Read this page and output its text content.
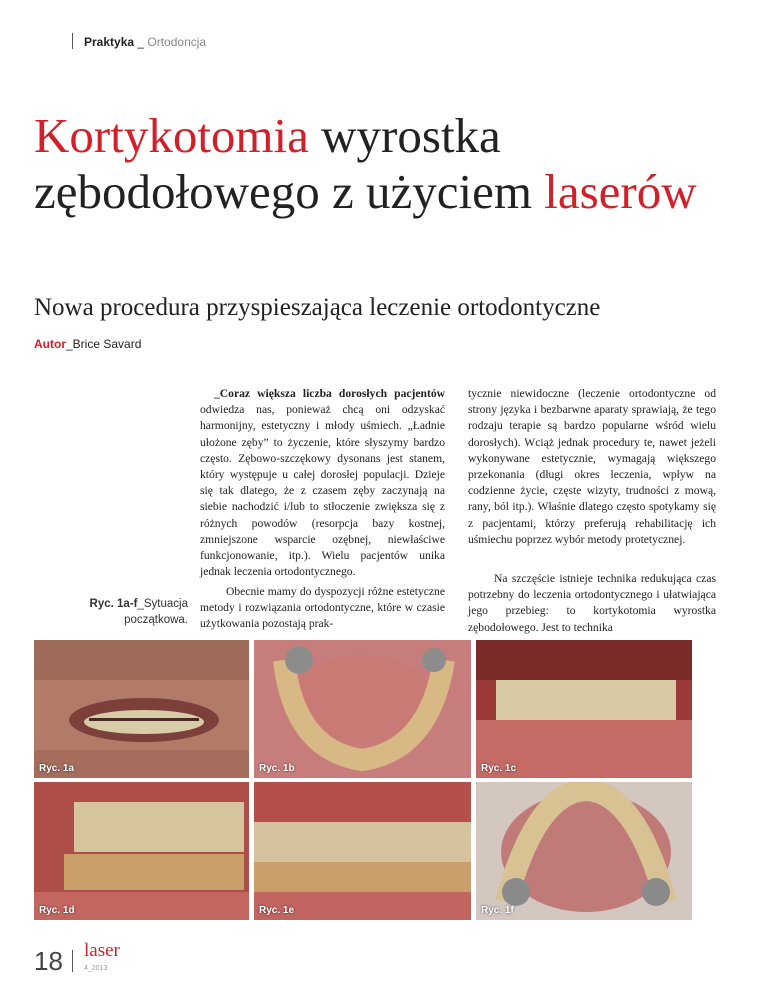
Praktyka _ Ortodoncja
Kortykotomia wyrostka zębodołowego z użyciem laserów
Nowa procedura przyspieszająca leczenie ortodontyczne
Autor_Brice Savard

_Coraz większa liczba dorosłych pacjentów odwiedza nas, ponieważ chcą oni odzyskać harmonijny, estetyczny i młody uśmiech. „Ładnie ułożone zęby” to życzenie, które słyszymy bardzo często. Zębowo-szczękowy dysonans jest stanem, który występuje u całej dorosłej populacji. Dzieje się tak dlatego, że z czasem zęby zaczynają na siebie nachodzić i/lub to stłoczenie zwiększa się z różnych powodów (resorpcja bazy kostnej, zmniejszone wsparcie ozębnej, niewłaściwe funkcjonowanie, itp.). Wielu pacjentów unika jednak leczenia ortodontycznego.

Obecnie mamy do dyspozycji różne estetyczne metody i rozwiązania ortodontyczne, które w czasie użytkowania pozostają prak-

tycznie niewidoczne (leczenie ortodontyczne od strony języka i bezbarwne aparaty sprawiają, że tego rodzaju terapie są bardzo popularne wśród wielu dorosłych). Wciąż jednak procedury te, nawet jeżeli wykonywane estetycznie, wymagają większego przekonania (długi okres leczenia, wpływ na codzienne życie, częste wizyty, trudności z mową, rany, ból itp.). Właśnie dlatego często spotykamy się z pacjentami, którzy preferują rehabilitację ich uśmiechu poprzez wybór metody protetycznej.

Na szczęście istnieje technika redukująca czas potrzebny do leczenia ortodontycznego i ułatwiająca jego przebieg: to kortykotomia wyrostka zębodołowego. Jest to technika

Ryc. 1a-f_Sytuacja początkowa.
Ryc. 1a	Ryc. 1b	Ryc. 1c
Ryc. 1d	Ryc. 1e	Ryc. 1f
18 laser
4_2013
